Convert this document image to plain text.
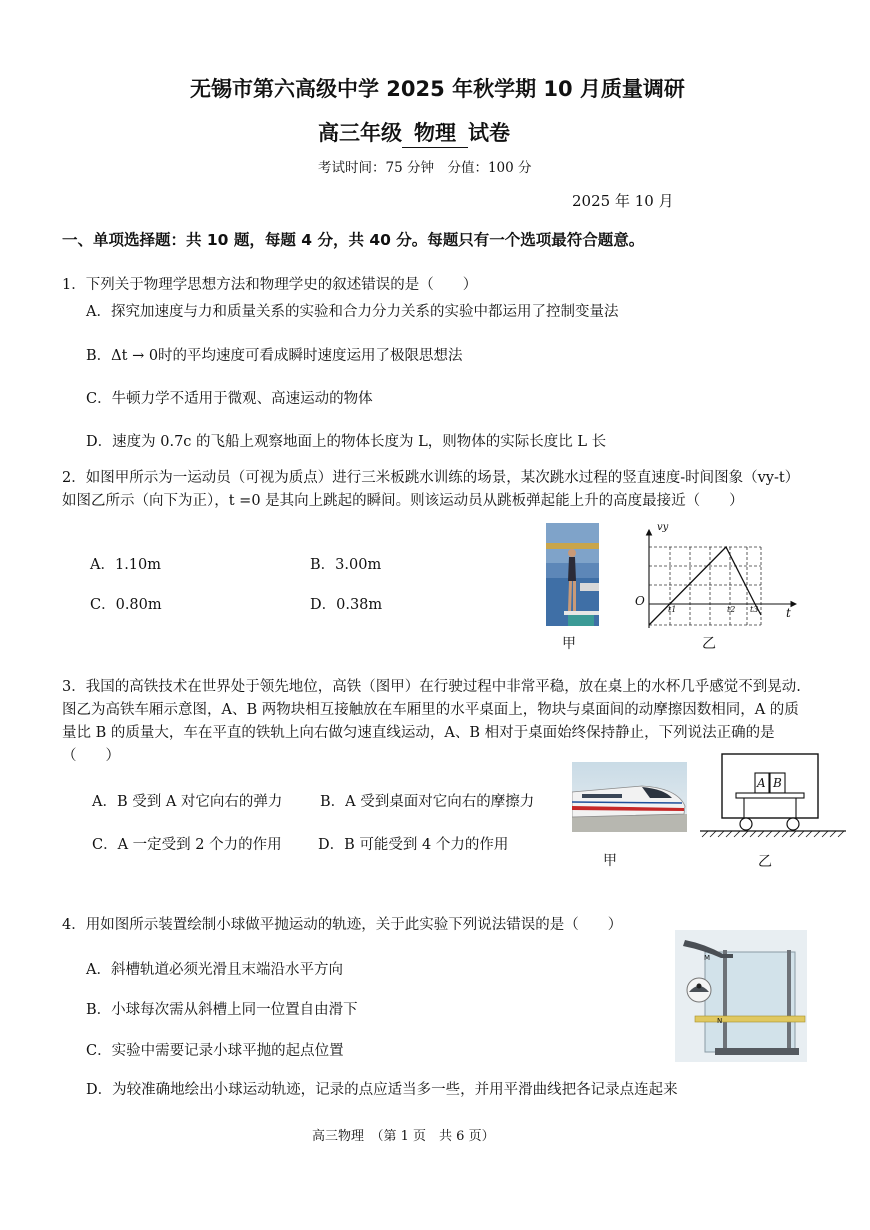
无锡市第六高级中学 2025 年秋学期 10 月质量调研
高三年级 物理 试卷
考试时间：75 分钟　分值：100 分
2025 年 10 月
一、单项选择题：共 10 题，每题 4 分，共 40 分。每题只有一个选项最符合题意。
1．下列关于物理学思想方法和物理学史的叙述错误的是（　　）
A．探究加速度与力和质量关系的实验和合力分力关系的实验中都运用了控制变量法
B．Δt → 0时的平均速度可看成瞬时速度运用了极限思想法
C．牛顿力学不适用于微观、高速运动的物体
D．速度为 0.7c 的飞船上观察地面上的物体长度为 L，则物体的实际长度比 L 长
2．如图甲所示为一运动员（可视为质点）进行三米板跳水训练的场景，某次跳水过程的竖直速度-时间图象（vy-t）如图乙所示（向下为正），t =0 是其向上跳起的瞬间。则该运动员从跳板弹起能上升的高度最接近（　　）
A．1.10m	B．3.00m
C．0.80m	D．0.38m
甲
vy
O
t1	t2 t3 t
乙
3．我国的高铁技术在世界处于领先地位，高铁（图甲）在行驶过程中非常平稳，放在桌上的水杯几乎感觉不到晃动. 图乙为高铁车厢示意图，A、B 两物块相互接触放在车厢里的水平桌面上，物块与桌面间的动摩擦因数相同，A 的质量比 B 的质量大，车在平直的铁轨上向右做匀速直线运动，A、B 相对于桌面始终保持静止，下列说法正确的是（　　）
A．B 受到 A 对它向右的弹力	B．A 受到桌面对它向右的摩擦力
C．A 一定受到 2 个力的作用	D．B 可能受到 4 个力的作用
甲
A B
乙
4．用如图所示装置绘制小球做平抛运动的轨迹，关于此实验下列说法错误的是（　　）
A．斜槽轨道必须光滑且末端沿水平方向
B．小球每次需从斜槽上同一位置自由滑下
C．实验中需要记录小球平抛的起点位置
D．为较准确地绘出小球运动轨迹，记录的点应适当多一些，并用平滑曲线把各记录点连起来
M
N
高三物理　（第 1 页　共 6 页）
